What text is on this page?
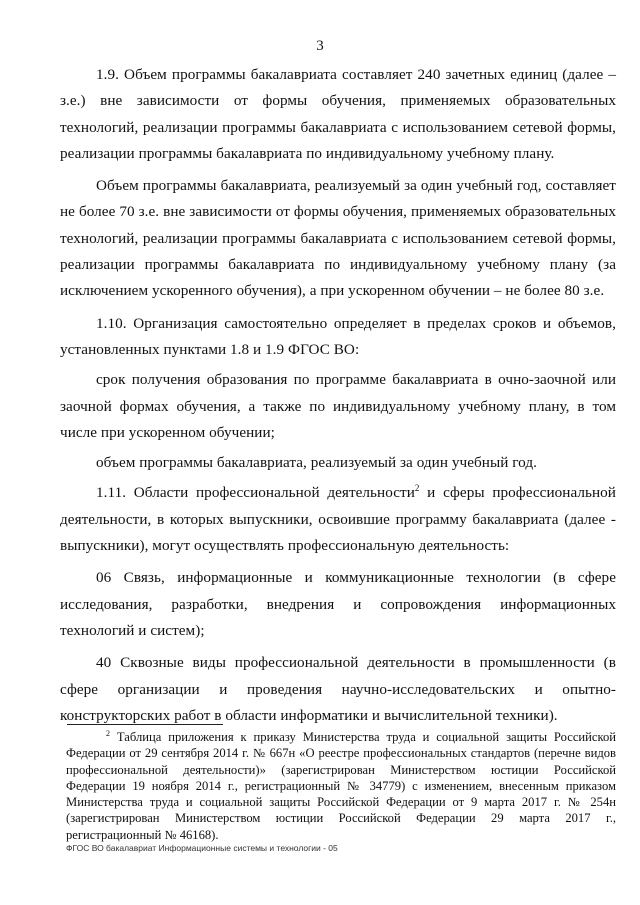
3

1.9. Объем программы бакалавриата составляет 240 зачетных единиц (далее – з.е.) вне зависимости от формы обучения, применяемых образовательных технологий, реализации программы бакалавриата с использованием сетевой формы, реализации программы бакалавриата по индивидуальному учебному плану.

Объем программы бакалавриата, реализуемый за один учебный год, составляет не более 70 з.е. вне зависимости от формы обучения, применяемых образовательных технологий, реализации программы бакалавриата с использованием сетевой формы, реализации программы бакалавриата по индивидуальному учебному плану (за исключением ускоренного обучения), а при ускоренном обучении – не более 80 з.е.

1.10. Организация самостоятельно определяет в пределах сроков и объемов, установленных пунктами 1.8 и 1.9 ФГОС ВО:

срок получения образования по программе бакалавриата в очно-заочной или заочной формах обучения, а также по индивидуальному учебному плану, в том числе при ускоренном обучении;

объем программы бакалавриата, реализуемый за один учебный год.

1.11. Области профессиональной деятельности$^2$ и сферы профессиональной деятельности, в которых выпускники, освоившие программу бакалавриата (далее - выпускники), могут осуществлять профессиональную деятельность:

06 Связь, информационные и коммуникационные технологии (в сфере исследования, разработки, внедрения и сопровождения информационных технологий и систем);

40 Сквозные виды профессиональной деятельности в промышленности (в сфере организации и проведения научно-исследовательских и опытно-конструкторских работ в области информатики и вычислительной техники).

$^2$ Таблица приложения к приказу Министерства труда и социальной защиты Российской Федерации от 29 сентября 2014 г. № 667н «О реестре профессиональных стандартов (перечне видов профессиональной деятельности)» (зарегистрирован Министерством юстиции Российской Федерации 19 ноября 2014 г., регистрационный № 34779) с изменением, внесенным приказом Министерства труда и социальной защиты Российской Федерации от 9 марта 2017 г. № 254н (зарегистрирован Министерством юстиции Российской Федерации 29 марта 2017 г., регистрационный № 46168).

ФГОС ВО бакалавриат Информационные системы и технологии - 05
